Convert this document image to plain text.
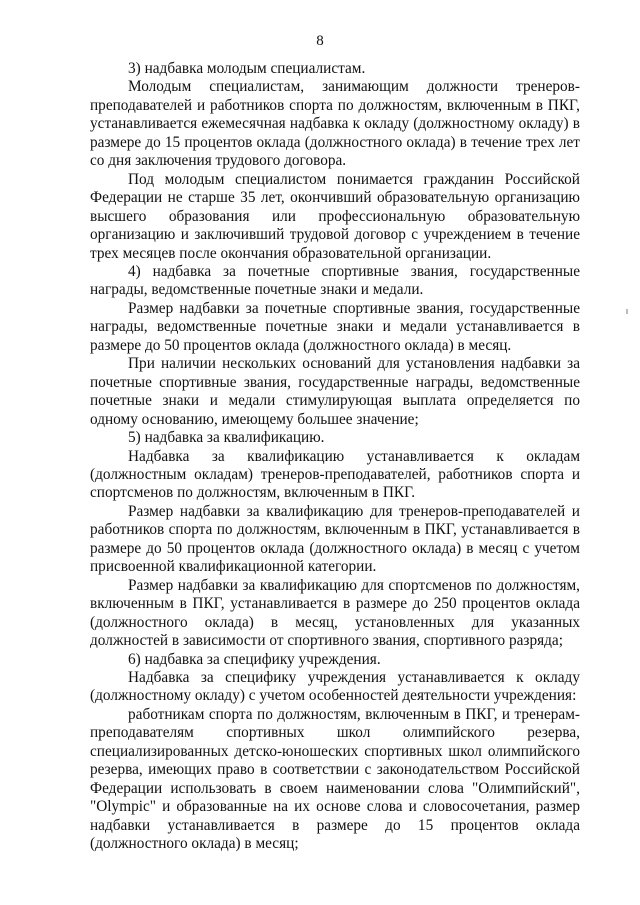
8

3) надбавка молодым специалистам.

Молодым специалистам, занимающим должности тренеров-преподавателей и работников спорта по должностям, включенным в ПКГ, устанавливается ежемесячная надбавка к окладу (должностному окладу) в размере до 15 процентов оклада (должностного оклада) в течение трех лет со дня заключения трудового договора.

Под молодым специалистом понимается гражданин Российской Федерации не старше 35 лет, окончивший образовательную организацию высшего образования или профессиональную образовательную организацию и заключивший трудовой договор с учреждением в течение трех месяцев после окончания образовательной организации.

4) надбавка за почетные спортивные звания, государственные награды, ведомственные почетные знаки и медали.

Размер надбавки за почетные спортивные звания, государственные награды, ведомственные почетные знаки и медали устанавливается в размере до 50 процентов оклада (должностного оклада) в месяц.

При наличии нескольких оснований для установления надбавки за почетные спортивные звания, государственные награды, ведомственные почетные знаки и медали стимулирующая выплата определяется по одному основанию, имеющему большее значение;

5) надбавка за квалификацию.

Надбавка за квалификацию устанавливается к окладам (должностным окладам) тренеров-преподавателей, работников спорта и спортсменов по должностям, включенным в ПКГ.

Размер надбавки за квалификацию для тренеров-преподавателей и работников спорта по должностям, включенным в ПКГ, устанавливается в размере до 50 процентов оклада (должностного оклада) в месяц с учетом присвоенной квалификационной категории.

Размер надбавки за квалификацию для спортсменов по должностям, включенным в ПКГ, устанавливается в размере до 250 процентов оклада (должностного оклада) в месяц, установленных для указанных должностей в зависимости от спортивного звания, спортивного разряда;

6) надбавка за специфику учреждения.

Надбавка за специфику учреждения устанавливается к окладу (должностному окладу) с учетом особенностей деятельности учреждения:

работникам спорта по должностям, включенным в ПКГ, и тренерам-преподавателям спортивных школ олимпийского резерва, специализированных детско-юношеских спортивных школ олимпийского резерва, имеющих право в соответствии с законодательством Российской Федерации использовать в своем наименовании слова "Олимпийский", "Olympic" и образованные на их основе слова и словосочетания, размер надбавки устанавливается в размере до 15 процентов оклада (должностного оклада) в месяц;
